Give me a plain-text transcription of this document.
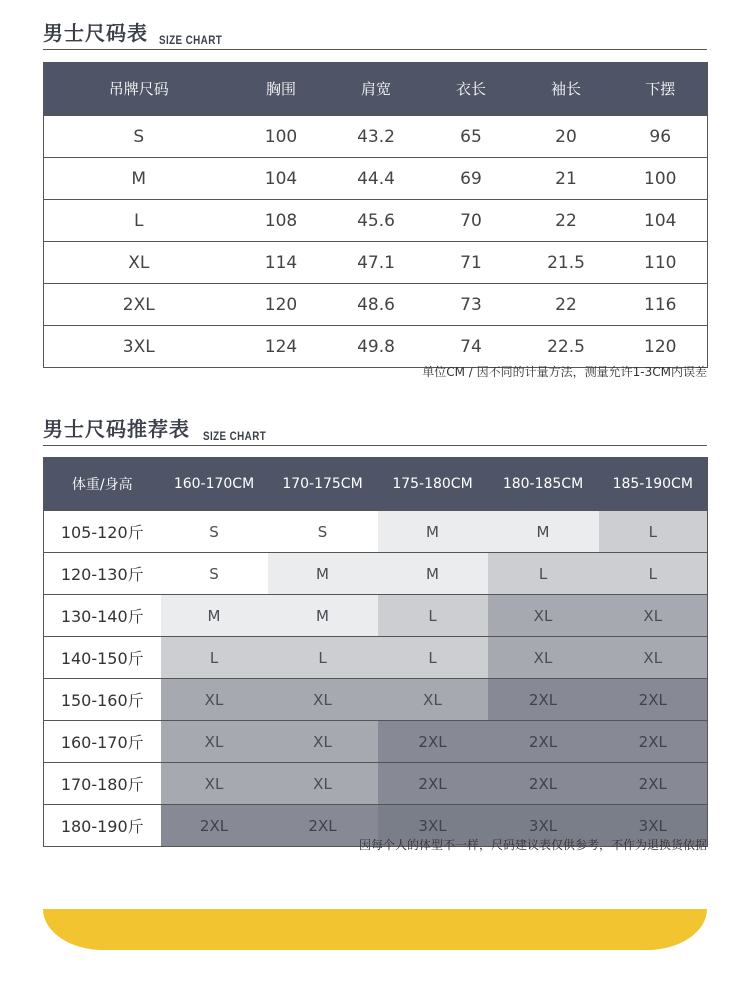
男士尺码表 SIZE CHART
吊牌尺码	胸围	肩宽	衣长	袖长	下摆
S	100	43.2	65	20	96
M	104	44.4	69	21	100
L	108	45.6	70	22	104
XL	114	47.1	71	21.5	110
2XL	120	48.6	73	22	116
3XL	124	49.8	74	22.5	120
单位CM / 因不同的计量方法，测量允许1-3CM内误差
男士尺码推荐表 SIZE CHART
体重/身高	160-170CM	170-175CM	175-180CM	180-185CM	185-190CM
105-120斤	S	S	M	M	L
120-130斤	S	M	M	L	L
130-140斤	M	M	L	XL	XL
140-150斤	L	L	L	XL	XL
150-160斤	XL	XL	XL	2XL	2XL
160-170斤	XL	XL	2XL	2XL	2XL
170-180斤	XL	XL	2XL	2XL	2XL
180-190斤	2XL	2XL	3XL	3XL	3XL
因每个人的体型不一样，尺码建议表仅供参考，不作为退换货依据
